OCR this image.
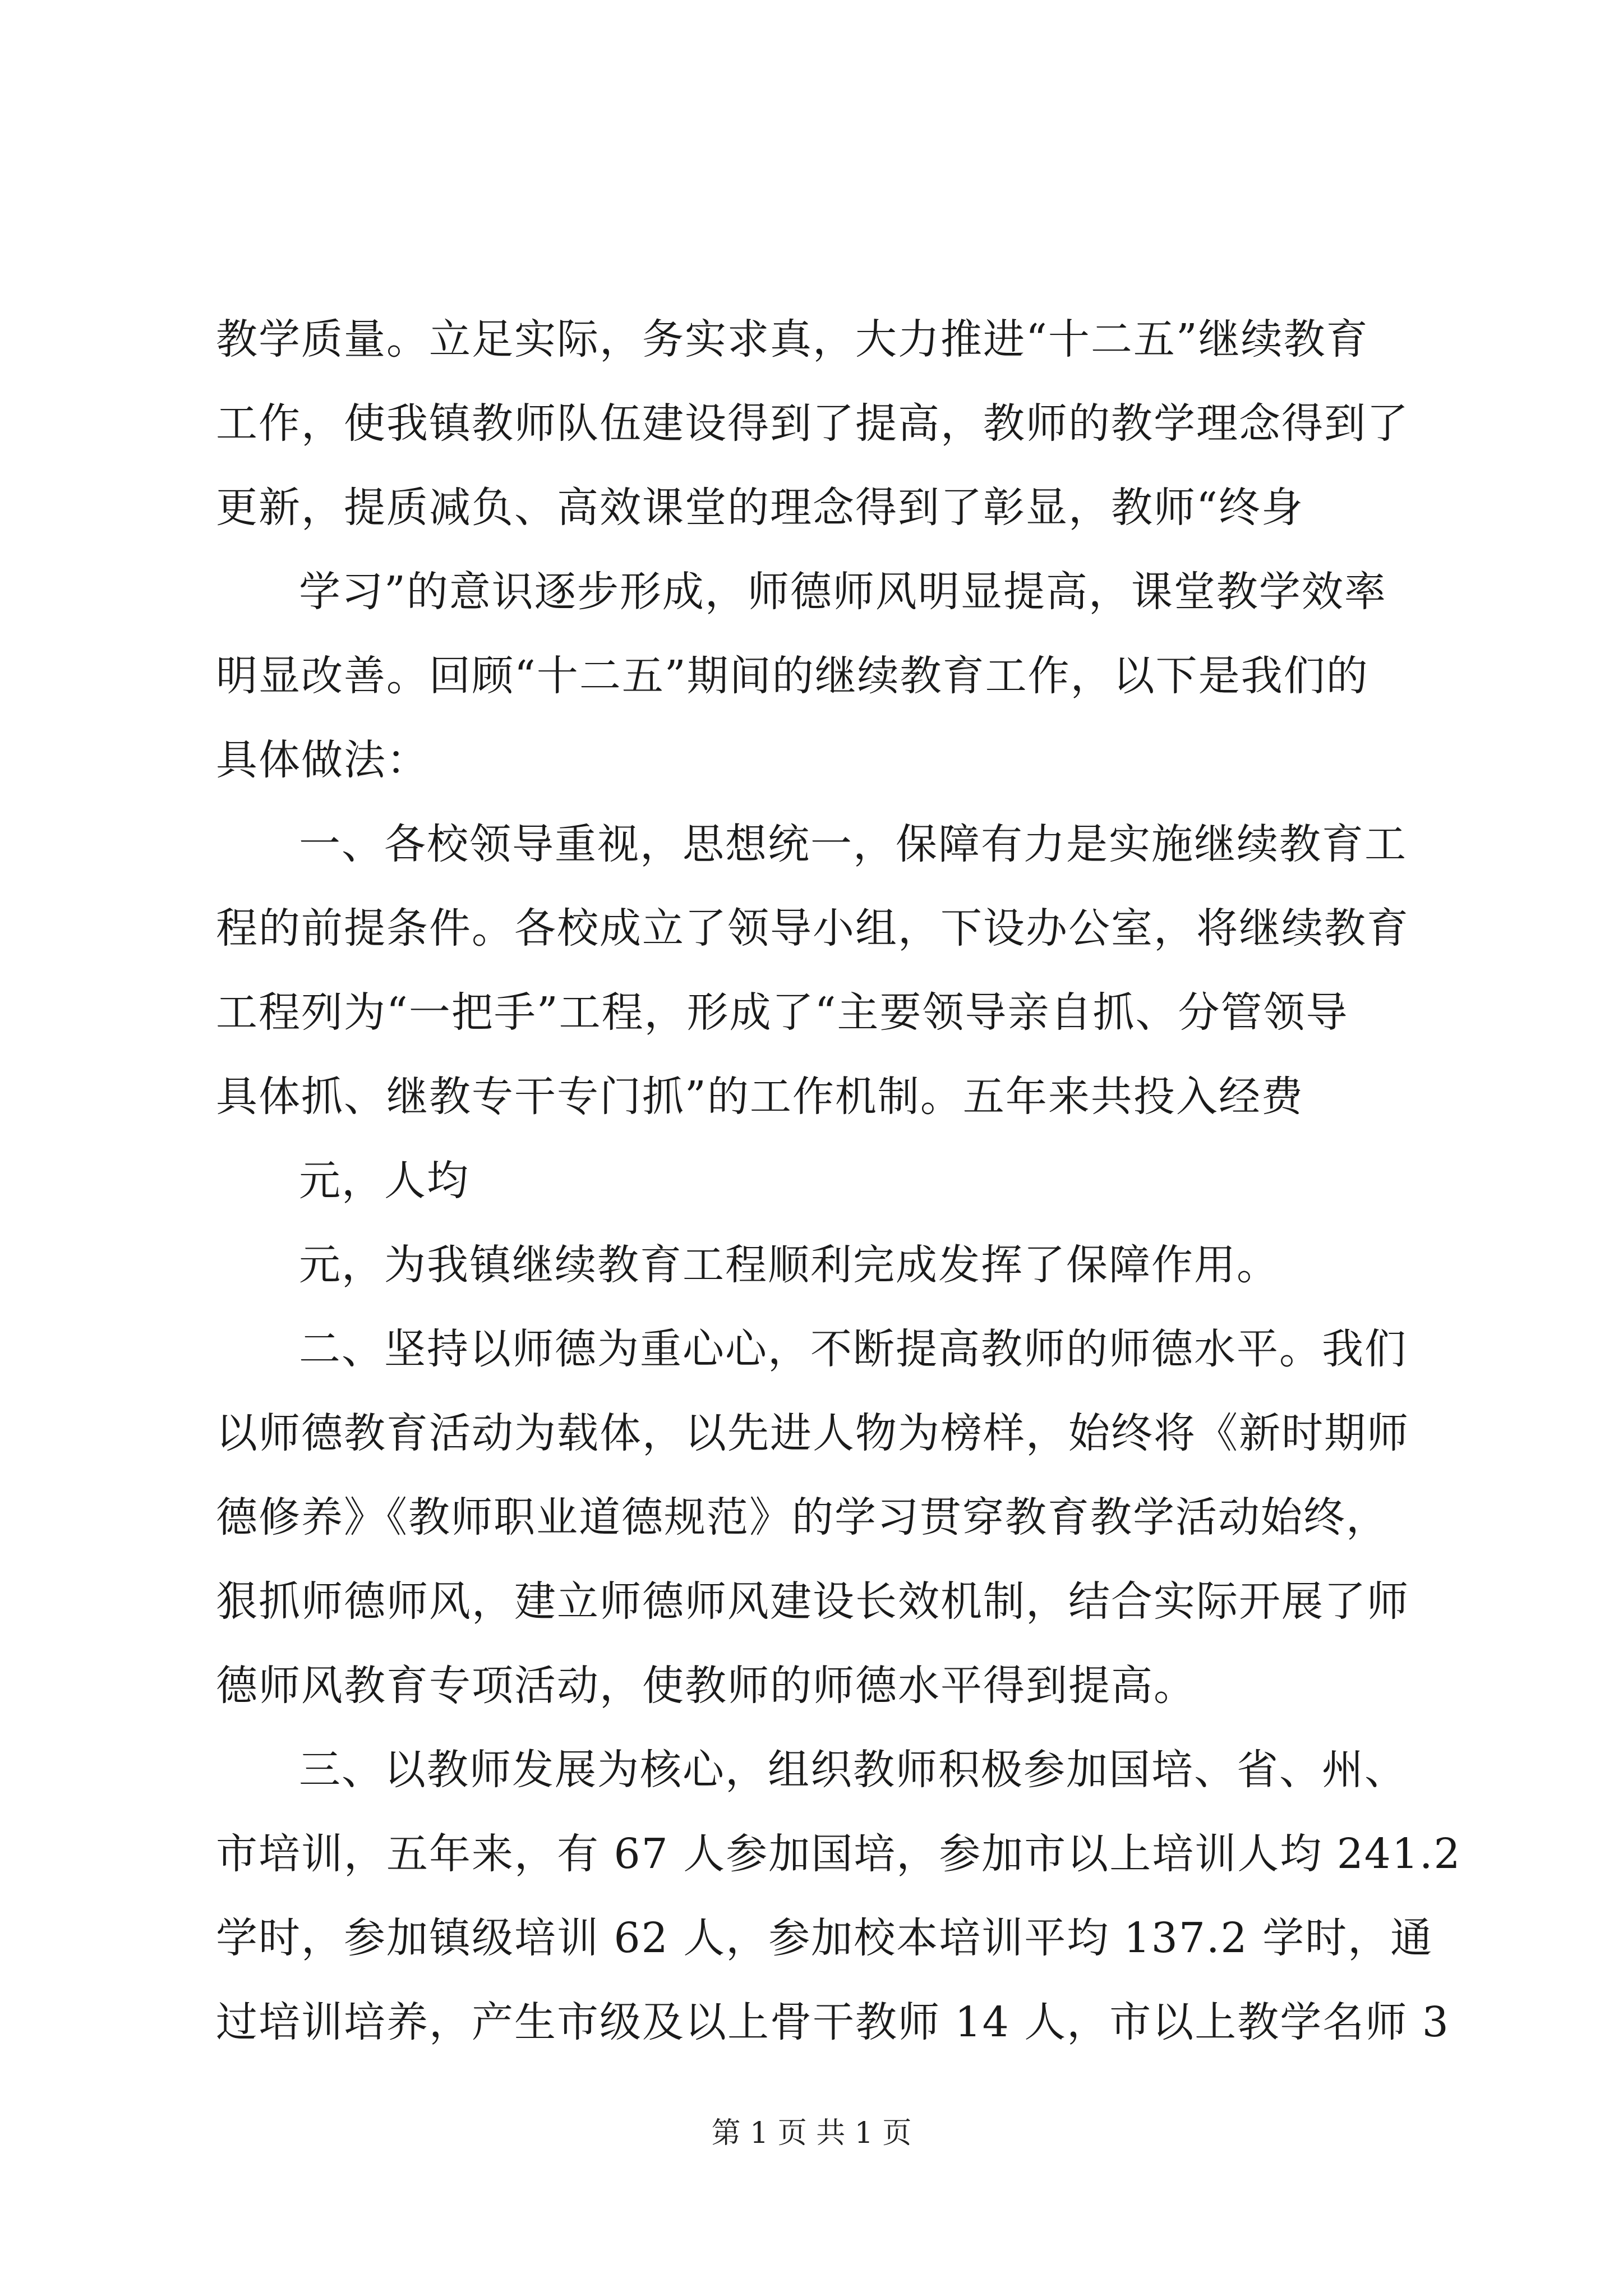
教学质量。立足实际，务实求真，大力推进“十二五”继续教育
工作，使我镇教师队伍建设得到了提高，教师的教学理念得到了
更新，提质减负、高效课堂的理念得到了彰显，教师“终身
学习”的意识逐步形成，师德师风明显提高，课堂教学效率
明显改善。回顾“十二五”期间的继续教育工作，以下是我们的
具体做法：
一、各校领导重视，思想统一，保障有力是实施继续教育工
程的前提条件。各校成立了领导小组，下设办公室，将继续教育
工程列为“一把手”工程，形成了“主要领导亲自抓、分管领导
具体抓、继教专干专门抓”的工作机制。五年来共投入经费
元，人均
元，为我镇继续教育工程顺利完成发挥了保障作用。
二、坚持以师德为重心心，不断提高教师的师德水平。我们
以师德教育活动为载体，以先进人物为榜样，始终将《新时期师
德修养》《教师职业道德规范》的学习贯穿教育教学活动始终，
狠抓师德师风，建立师德师风建设长效机制，结合实际开展了师
德师风教育专项活动，使教师的师德水平得到提高。
三、以教师发展为核心，组织教师积极参加国培、省、州、
市培训，五年来，有 67 人参加国培，参加市以上培训人均 241.2
学时，参加镇级培训 62 人，参加校本培训平均 137.2 学时，通
过培训培养，产生市级及以上骨干教师 14 人，市以上教学名师 3
第 1 页 共 1 页
